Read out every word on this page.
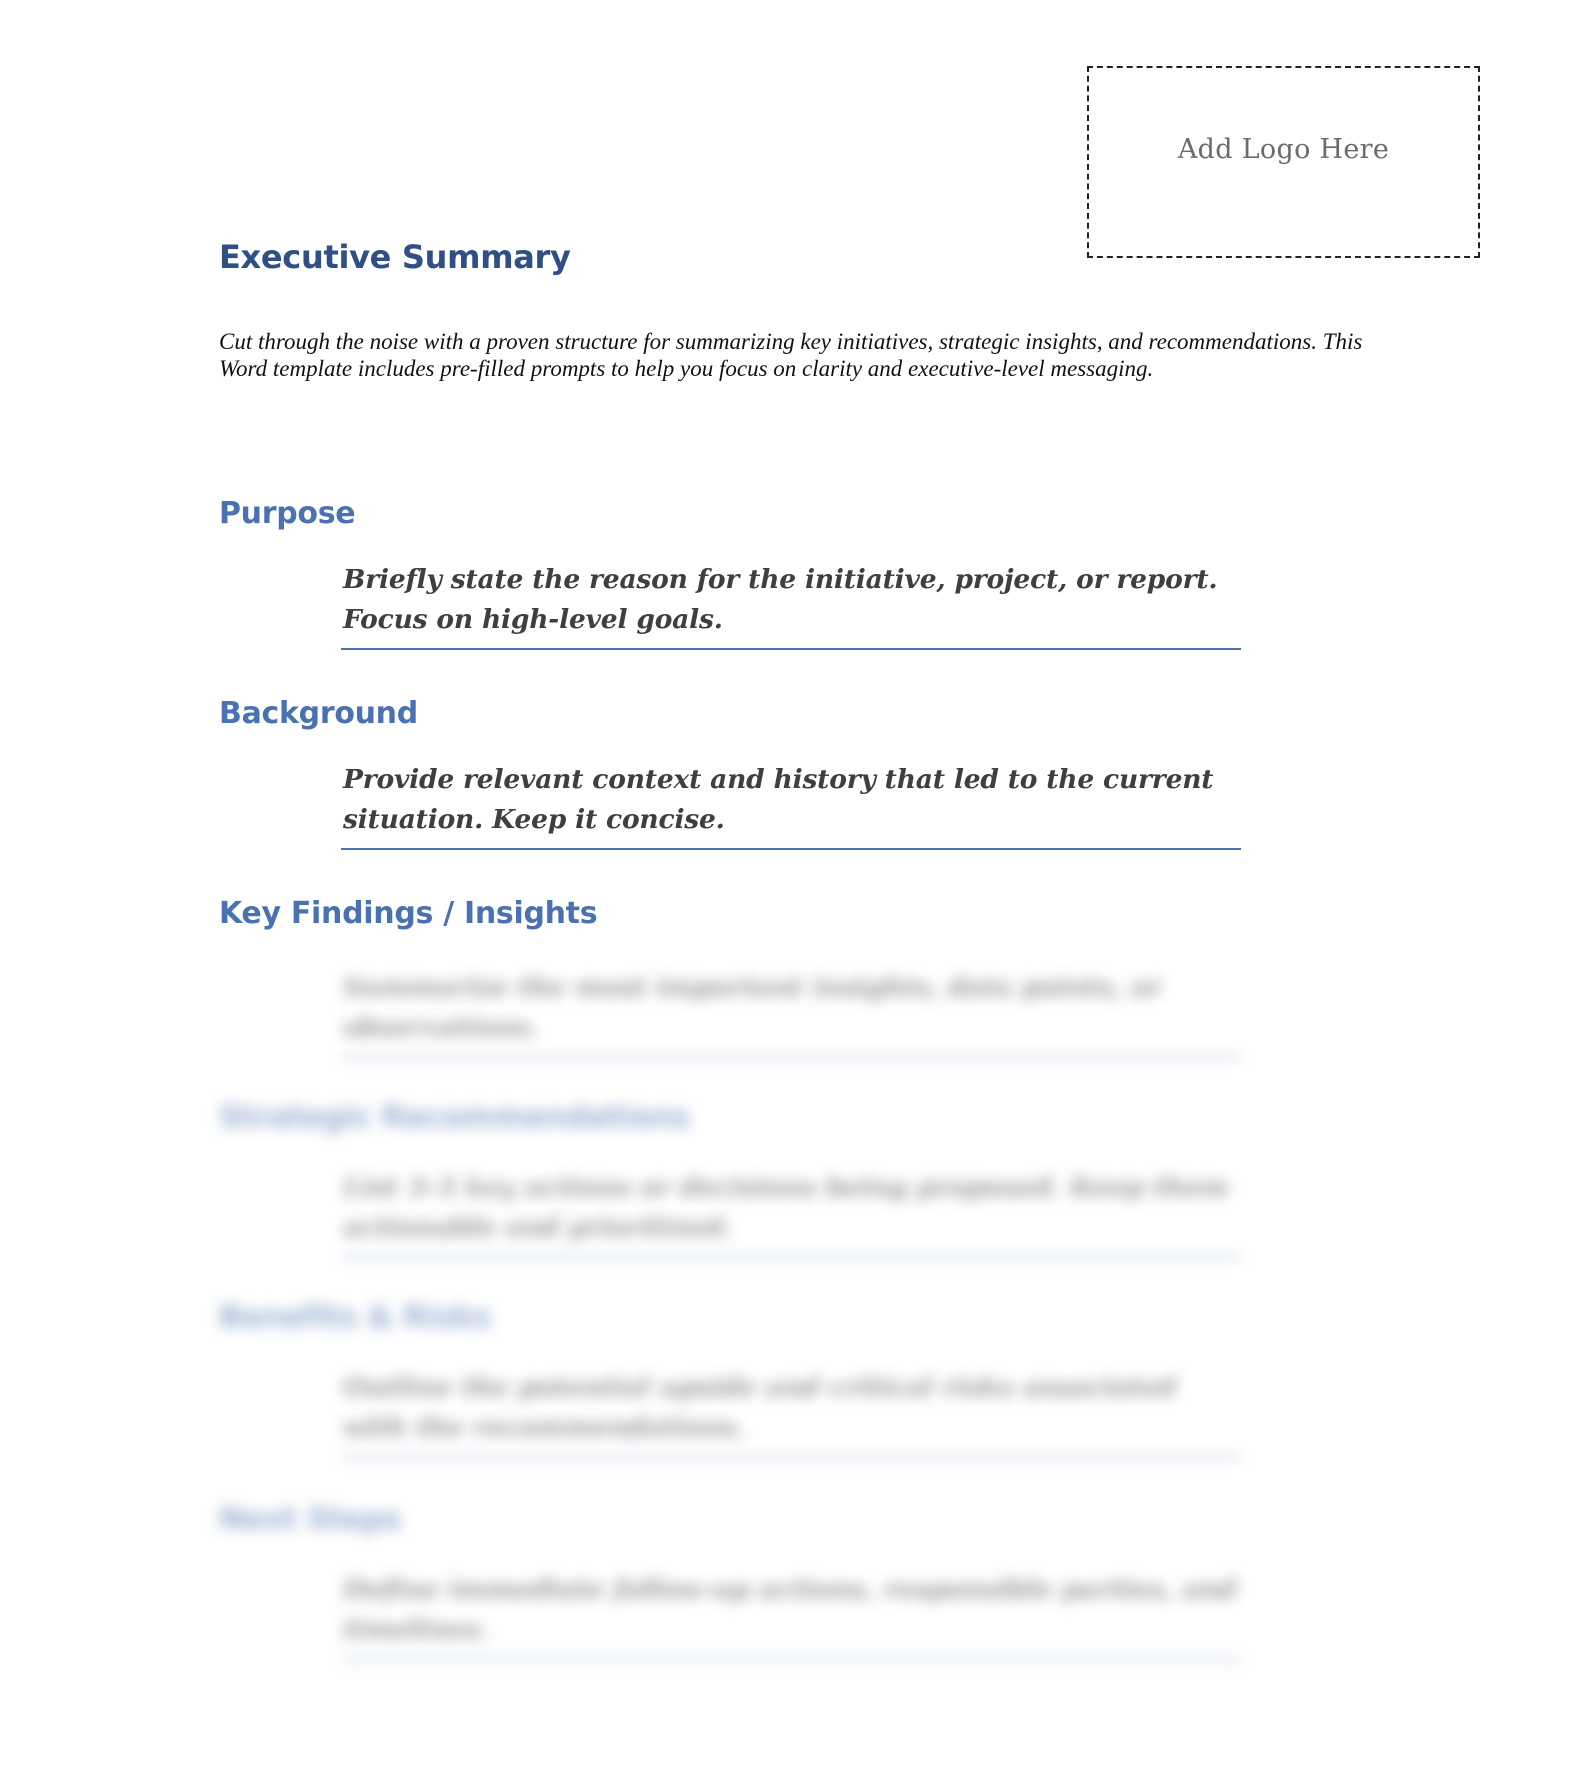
Add Logo Here
Executive Summary

Cut through the noise with a proven structure for summarizing key initiatives, strategic insights, and recommendations. This Word template includes pre-filled prompts to help you focus on clarity and executive-level messaging.

Purpose

Briefly state the reason for the initiative, project, or report. Focus on high-level goals.

Background

Provide relevant context and history that led to the current situation. Keep it concise.

Key Findings / Insights

Summarize the most important insights, data points, or observations.

Strategic Recommendations

List 3–5 key actions or decisions being proposed. Keep them actionable and prioritized.

Benefits & Risks

Outline the potential upside and critical risks associated with the recommendations.

Next Steps

Define immediate follow-up actions, responsible parties, and timelines.
